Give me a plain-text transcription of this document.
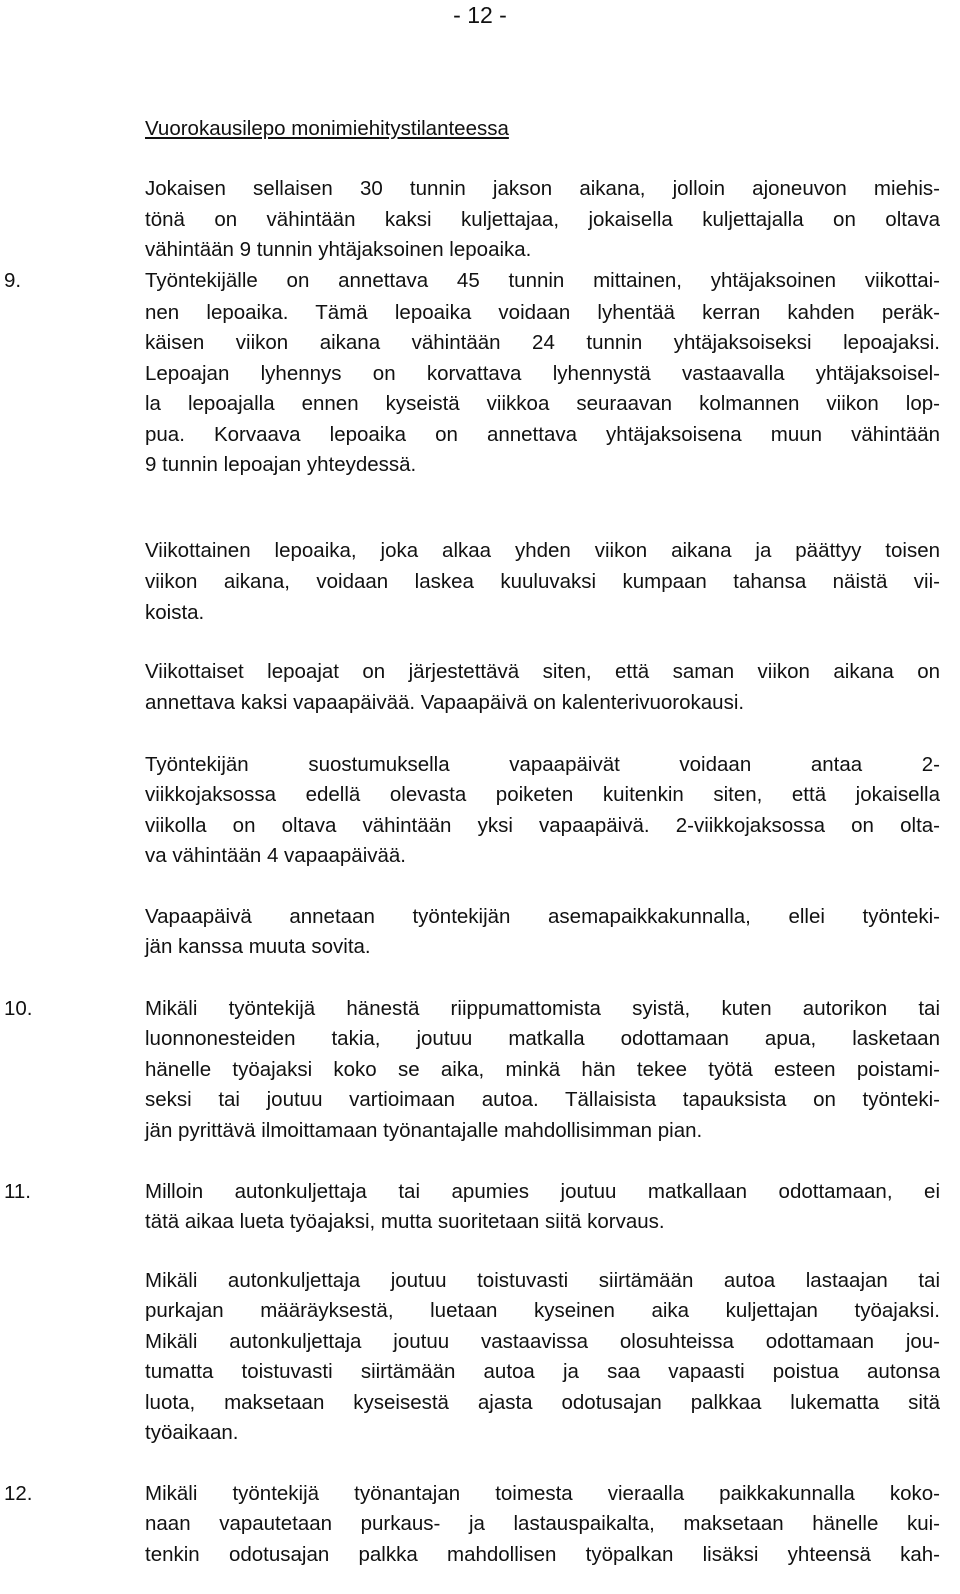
- 12 -
Vuorokausilepo monimiehitystilanteessa
Jokaisen sellaisen 30 tunnin jakson aikana, jolloin ajoneuvon miehis-
tönä on vähintään kaksi kuljettajaa, jokaisella kuljettajalla on oltava
vähintään 9 tunnin yhtäjaksoinen lepoaika.
9.	Työntekijälle on annettava 45 tunnin mittainen, yhtäjaksoinen viikottai-
nen lepoaika. Tämä lepoaika voidaan lyhentää kerran kahden peräk-
käisen viikon aikana vähintään 24 tunnin yhtäjaksoiseksi lepoajaksi.
Lepoajan lyhennys on korvattava lyhennystä vastaavalla yhtäjaksoisel-
la lepoajalla ennen kyseistä viikkoa seuraavan kolmannen viikon lop-
pua. Korvaava lepoaika on annettava yhtäjaksoisena muun vähintään
9 tunnin lepoajan yhteydessä.
Viikottainen lepoaika, joka alkaa yhden viikon aikana ja päättyy toisen
viikon aikana, voidaan laskea kuuluvaksi kumpaan tahansa näistä vii-
koista.
Viikottaiset lepoajat on järjestettävä siten, että saman viikon aikana on
annettava kaksi vapaapäivää. Vapaapäivä on kalenterivuorokausi.
Työntekijän suostumuksella vapaapäivät voidaan antaa 2-
viikkojaksossa edellä olevasta poiketen kuitenkin siten, että jokaisella
viikolla on oltava vähintään yksi vapaapäivä. 2-viikkojaksossa on olta-
va vähintään 4 vapaapäivää.
Vapaapäivä annetaan työntekijän asemapaikkakunnalla, ellei työnteki-
jän kanssa muuta sovita.
10.	Mikäli työntekijä hänestä riippumattomista syistä, kuten autorikon tai
luonnonesteiden takia, joutuu matkalla odottamaan apua, lasketaan
hänelle työajaksi koko se aika, minkä hän tekee työtä esteen poistami-
seksi tai joutuu vartioimaan autoa. Tällaisista tapauksista on työnteki-
jän pyrittävä ilmoittamaan työnantajalle mahdollisimman pian.
11.	Milloin autonkuljettaja tai apumies joutuu matkallaan odottamaan, ei
tätä aikaa lueta työajaksi, mutta suoritetaan siitä korvaus.
Mikäli autonkuljettaja joutuu toistuvasti siirtämään autoa lastaajan tai
purkajan määräyksestä, luetaan kyseinen aika kuljettajan työajaksi.
Mikäli autonkuljettaja joutuu vastaavissa olosuhteissa odottamaan jou-
tumatta toistuvasti siirtämään autoa ja saa vapaasti poistua autonsa
luota, maksetaan kyseisestä ajasta odotusajan palkkaa lukematta sitä
työaikaan.
12.	Mikäli työntekijä työnantajan toimesta vieraalla paikkakunnalla koko-
naan vapautetaan purkaus- ja lastauspaikalta, maksetaan hänelle kui-
tenkin odotusajan palkka mahdollisen työpalkan lisäksi yhteensä kah-
